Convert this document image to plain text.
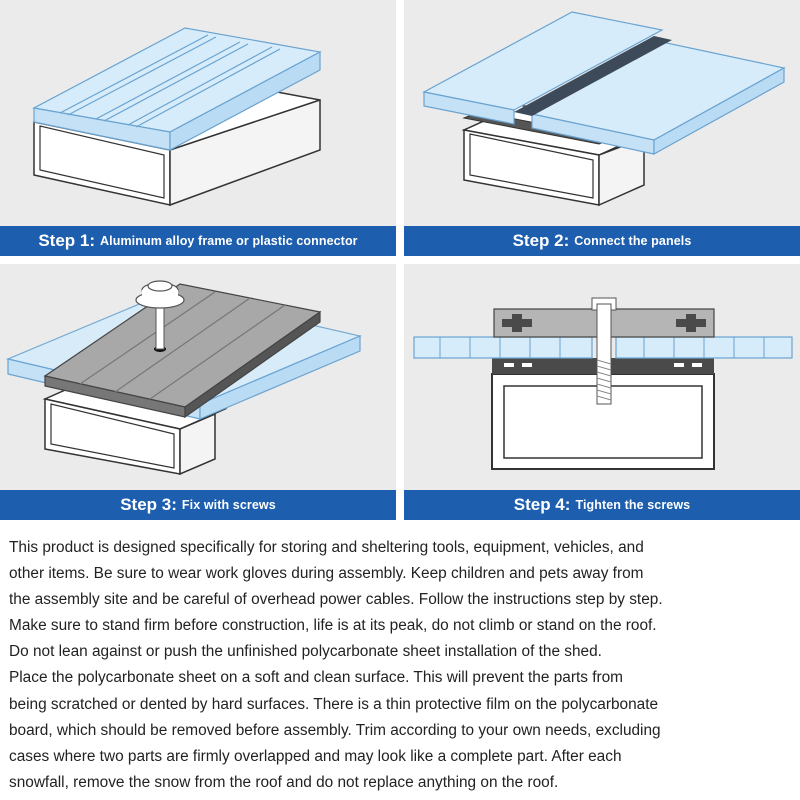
Step 1: Aluminum alloy frame or plastic connector	Step 2: Connect the panels
Step 3: Fix with screws	Step 4: Tighten the screws

This product is designed specifically for storing and sheltering tools, equipment, vehicles, and
other items. Be sure to wear work gloves during assembly. Keep children and pets away from
the assembly site and be careful of overhead power cables. Follow the instructions step by step.
Make sure to stand firm before construction, life is at its peak, do not climb or stand on the roof.
Do not lean against or push the unfinished polycarbonate sheet installation of the shed.
Place the polycarbonate sheet on a soft and clean surface. This will prevent the parts from
being scratched or dented by hard surfaces. There is a thin protective film on the polycarbonate
board, which should be removed before assembly. Trim according to your own needs, excluding
cases where two parts are firmly overlapped and may look like a complete part. After each
snowfall, remove the snow from the roof and do not replace anything on the roof.
